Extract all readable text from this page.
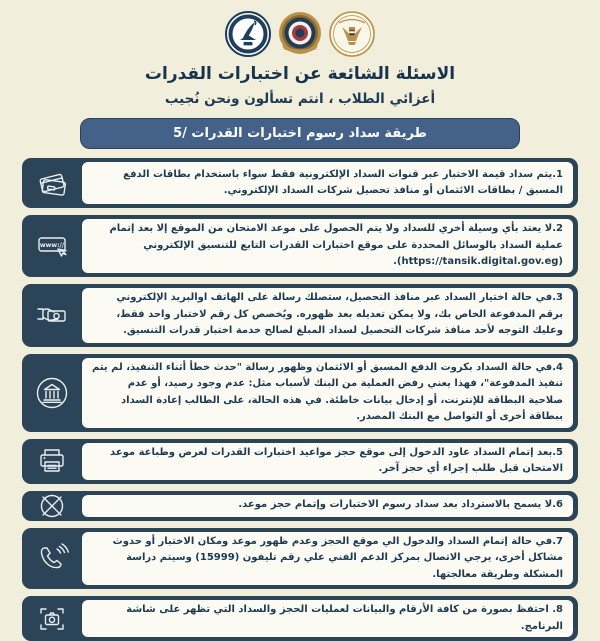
الاسئلة الشائعة عن اختبارات القدرات
أعزائي الطلاب ، انتم تسألون ونحن نُجيب
5/ طريقة سداد رسوم اختبارات القدرات

1.يتم سداد قيمة الاختبار عبر قنوات السداد الإلكترونية فقط سواء باستخدام بطاقات الدفع المسبق / بطاقات الائتمان أو منافذ تحصيل شركات السداد الإلكتروني.

www://

2.لا يعتد بأي وسيلة أخري للسداد ولا يتم الحصول على موعد الامتحان من الموقع إلا بعد إتمام عملية السداد بالوسائل المحددة على موقع اختبارات القدرات التابع للتنسيق الإلكتروني (https://tansik.digital.gov.eg).

3.في حالة اختيار السداد عبر منافذ التحصيل، ستصلك رسالة على الهاتف اوالبريد الإلكتروني برقم المدفوعة الخاص بك، ولا يمكن تعديله بعد ظهوره. ويُخصص كل رقم لاختبار واحد فقط، وعليك التوجه لأحد منافذ شركات التحصيل لسداد المبلغ لصالح خدمة اختبار قدرات التنسيق.

4.في حالة السداد بكروت الدفع المسبق أو الائتمان وظهور رسالة "حدث خطأ أثناء التنفيذ، لم يتم تنفيذ المدفوعة"، فهذا يعني رفض العملية من البنك لأسباب مثل: عدم وجود رصيد، أو عدم صلاحية البطاقة للإنترنت، أو إدخال بيانات خاطئة. في هذه الحالة، على الطالب إعادة السداد ببطاقة أخرى أو التواصل مع البنك المصدر.

5.بعد إتمام السداد عاود الدخول إلى موقع حجز مواعيد اختبارات القدرات لعرض وطباعة موعد الامتحان قبل طلب إجراء أي حجز آخر.

6.لا يسمح بالاسترداد بعد سداد رسوم الاختبارات وإتمام حجز موعد.

7.في حالة إتمام السداد والدخول الي موقع الحجز وعدم ظهور موعد ومكان الاختبار أو حدوث مشاكل أخرى، يرجي الاتصال بمركز الدعم الفني علي رقم تليفون (15999) وسيتم دراسة المشكلة وطريقة معالجتها.

8. احتفظ بصورة من كافة الأرقام والبيانات لعمليات الحجز والسداد التي تظهر على شاشة البرنامج.
